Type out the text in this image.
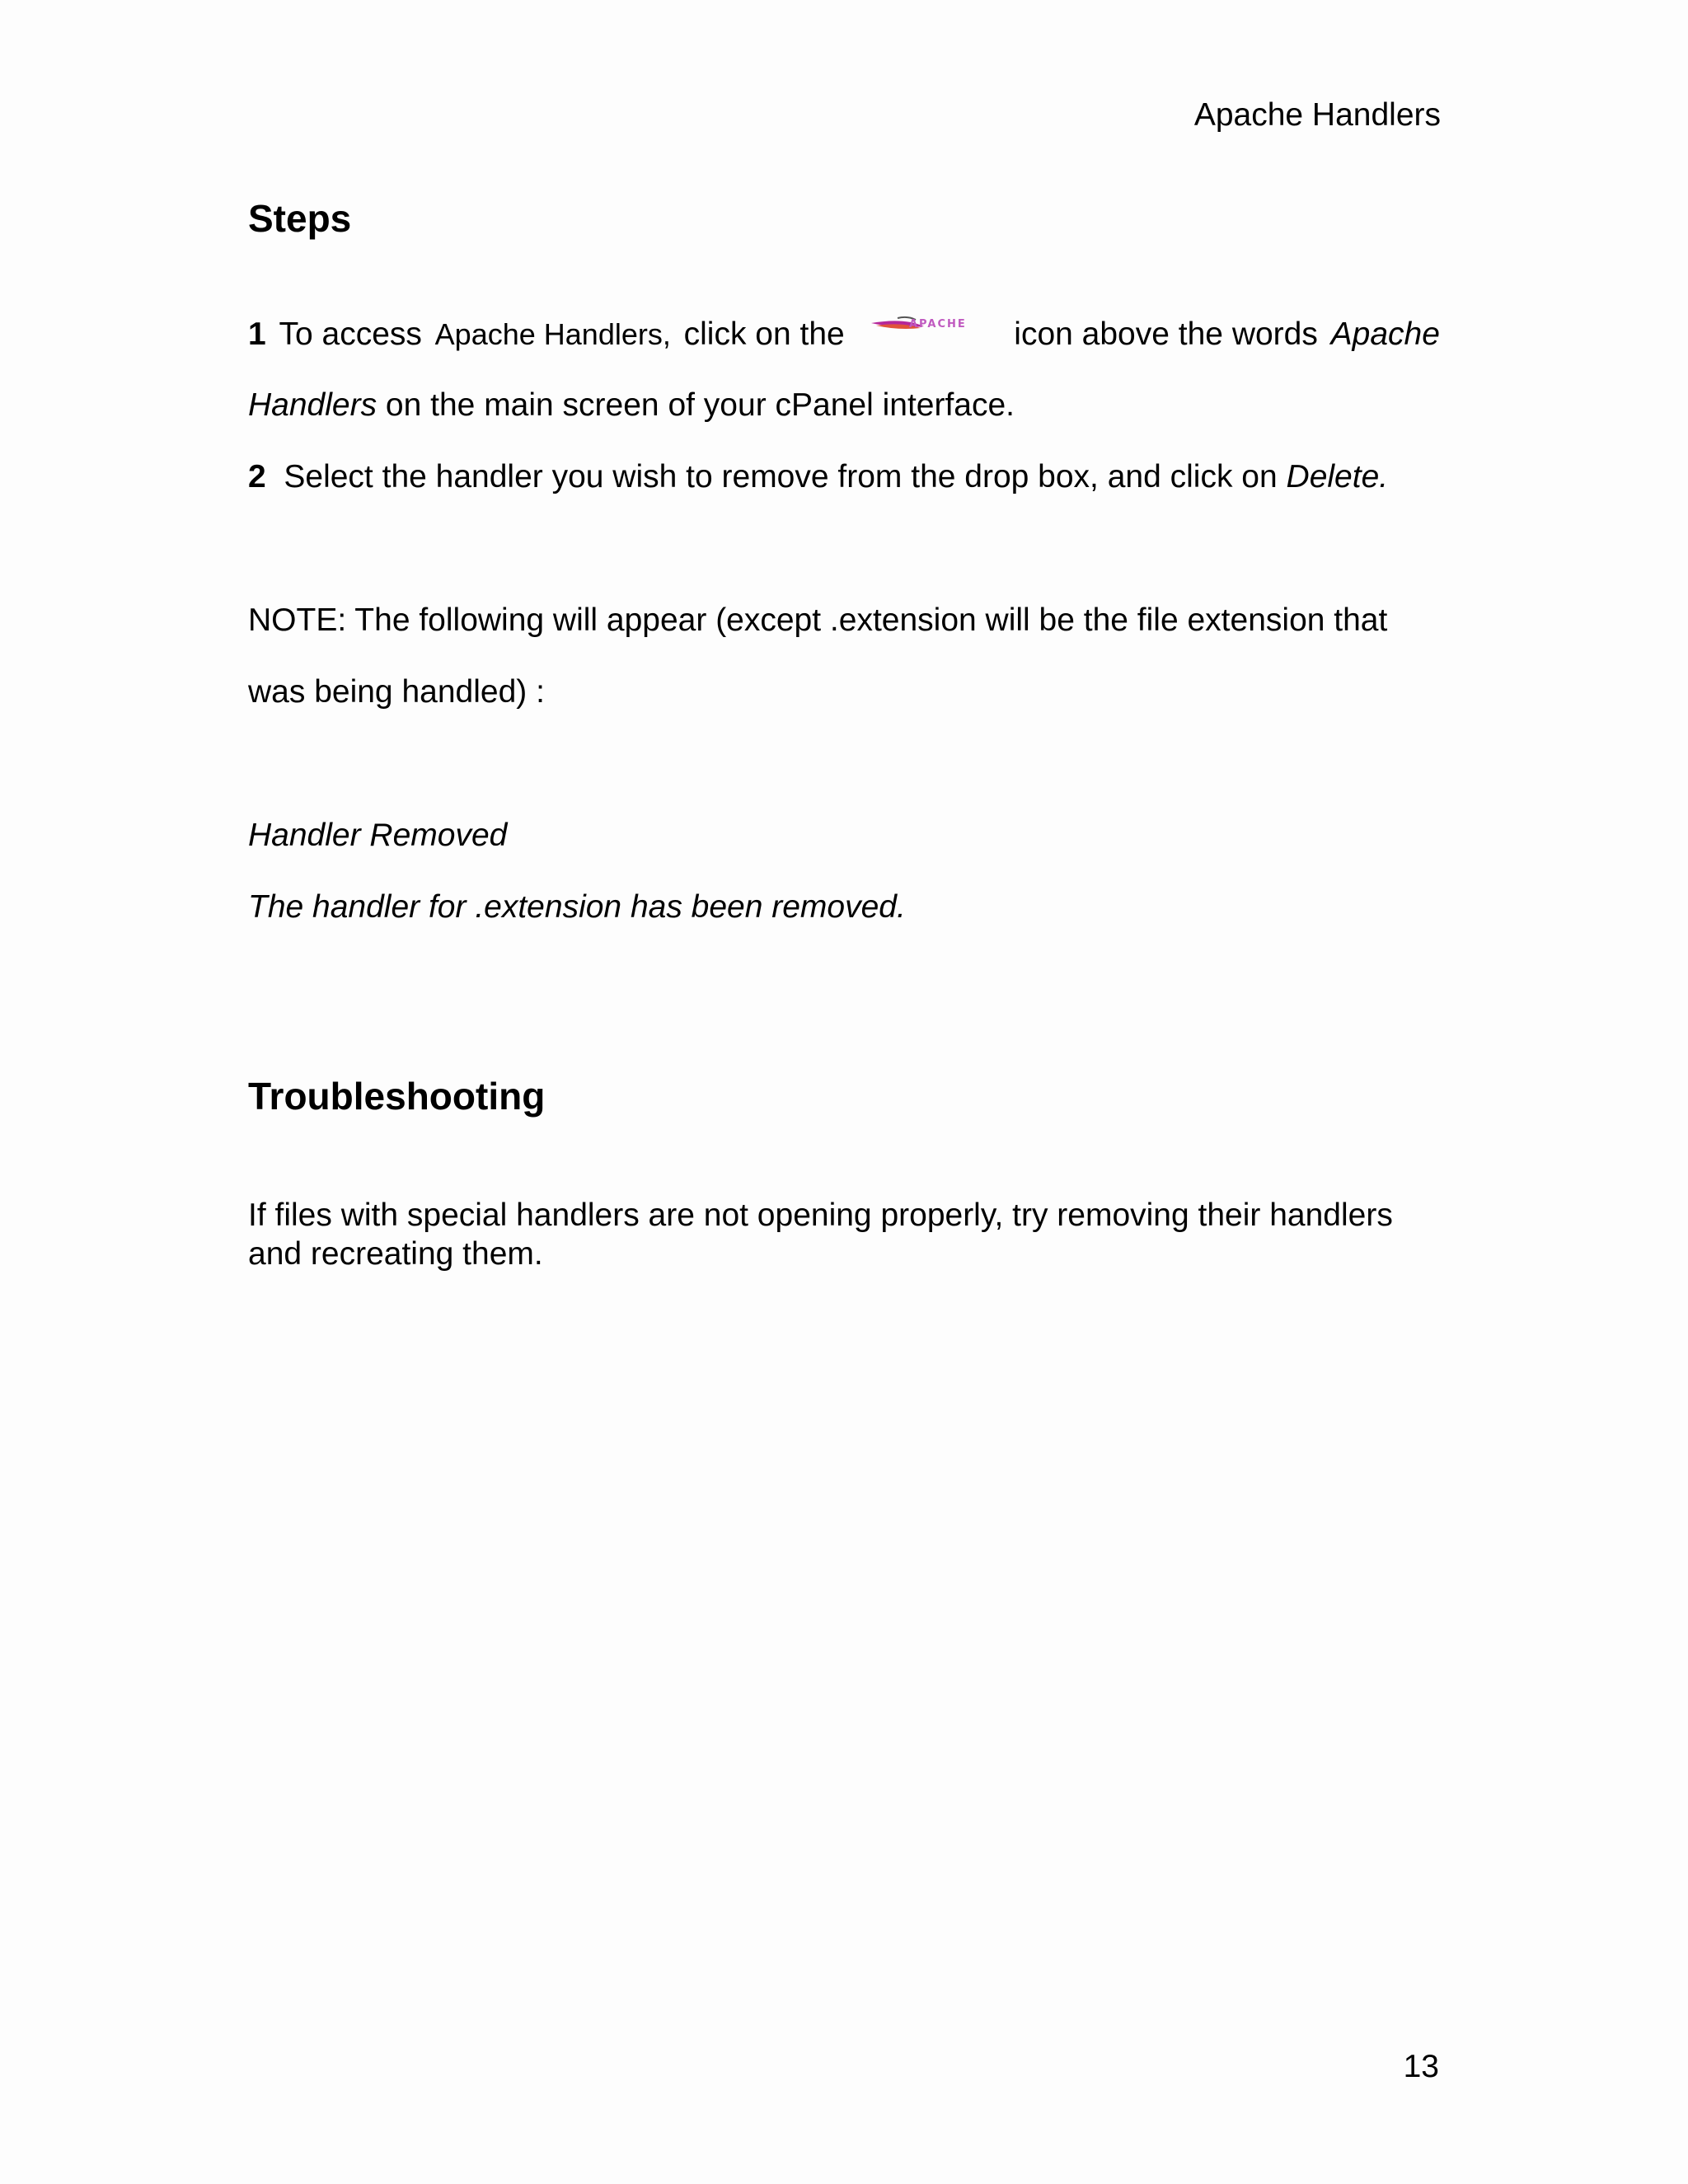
Apache Handlers
Steps
1 To access Apache Handlers, click on the	APACHE icon above the words Apache
Handlers on the main screen of your cPanel interface.
2 Select the handler you wish to remove from the drop box, and click on Delete.
NOTE: The following will appear (except .extension will be the file extension that
was being handled) :
Handler Removed
The handler for .extension has been removed.
Troubleshooting
If files with special handlers are not opening properly, try removing their handlers
and recreating them.
13
